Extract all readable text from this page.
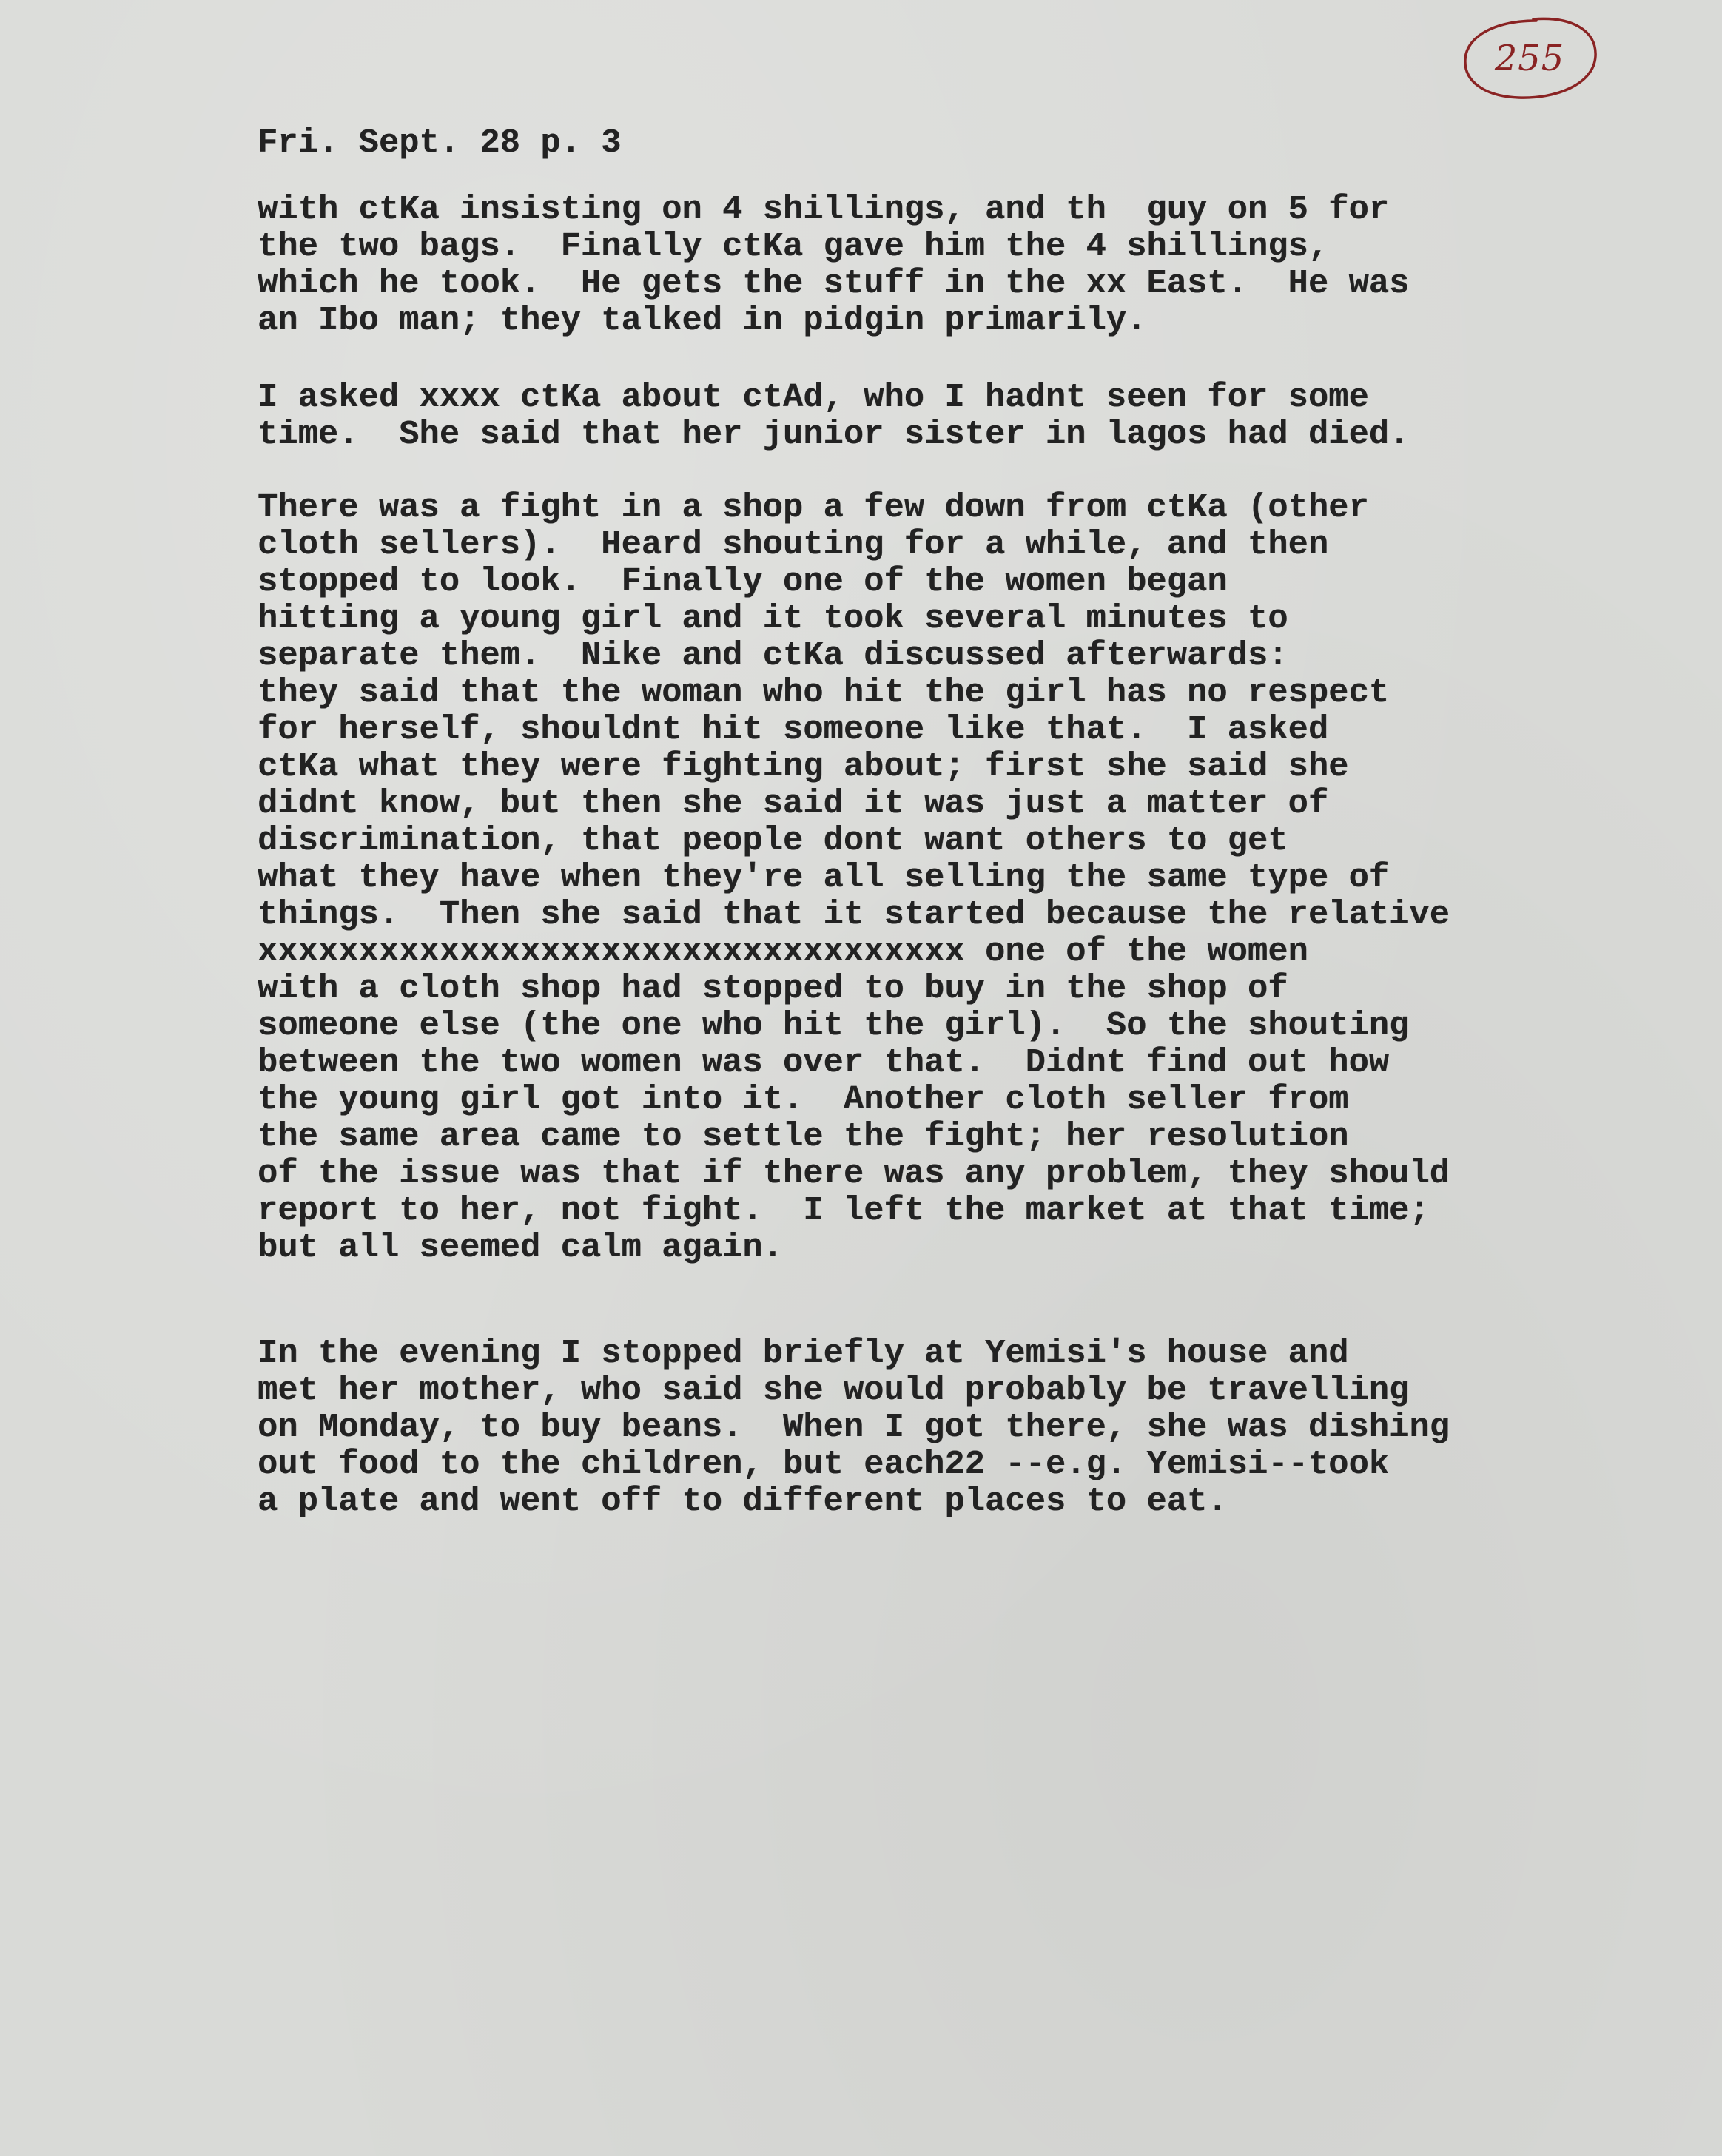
255
Fri. Sept. 28 p. 3
with ctKa insisting on 4 shillings, and th  guy on 5 for
the two bags.  Finally ctKa gave him the 4 shillings,
which he took.  He gets the stuff in the xx East.  He was
an Ibo man; they talked in pidgin primarily.
I asked xxxx ctKa about ctAd, who I hadnt seen for some
time.  She said that her junior sister in lagos had died.
There was a fight in a shop a few down from ctKa (other
cloth sellers).  Heard shouting for a while, and then
stopped to look.  Finally one of the women began
hitting a young girl and it took several minutes to
separate them.  Nike and ctKa discussed afterwards:
they said that the woman who hit the girl has no respect
for herself, shouldnt hit someone like that.  I asked
ctKa what they were fighting about; first she said she
didnt know, but then she said it was just a matter of
discrimination, that people dont want others to get
what they have when they're all selling the same type of
things.  Then she said that it started because the relative
xxxxxxxxxxxxxxxxxxxxxxxxxxxxxxxxxxx one of the women
with a cloth shop had stopped to buy in the shop of
someone else (the one who hit the girl).  So the shouting
between the two women was over that.  Didnt find out how
the young girl got into it.  Another cloth seller from
the same area came to settle the fight; her resolution
of the issue was that if there was any problem, they should
report to her, not fight.  I left the market at that time;
but all seemed calm again.
In the evening I stopped briefly at Yemisi's house and
met her mother, who said she would probably be travelling
on Monday, to buy beans.  When I got there, she was dishing
out food to the children, but each22 --e.g. Yemisi--took
a plate and went off to different places to eat.
